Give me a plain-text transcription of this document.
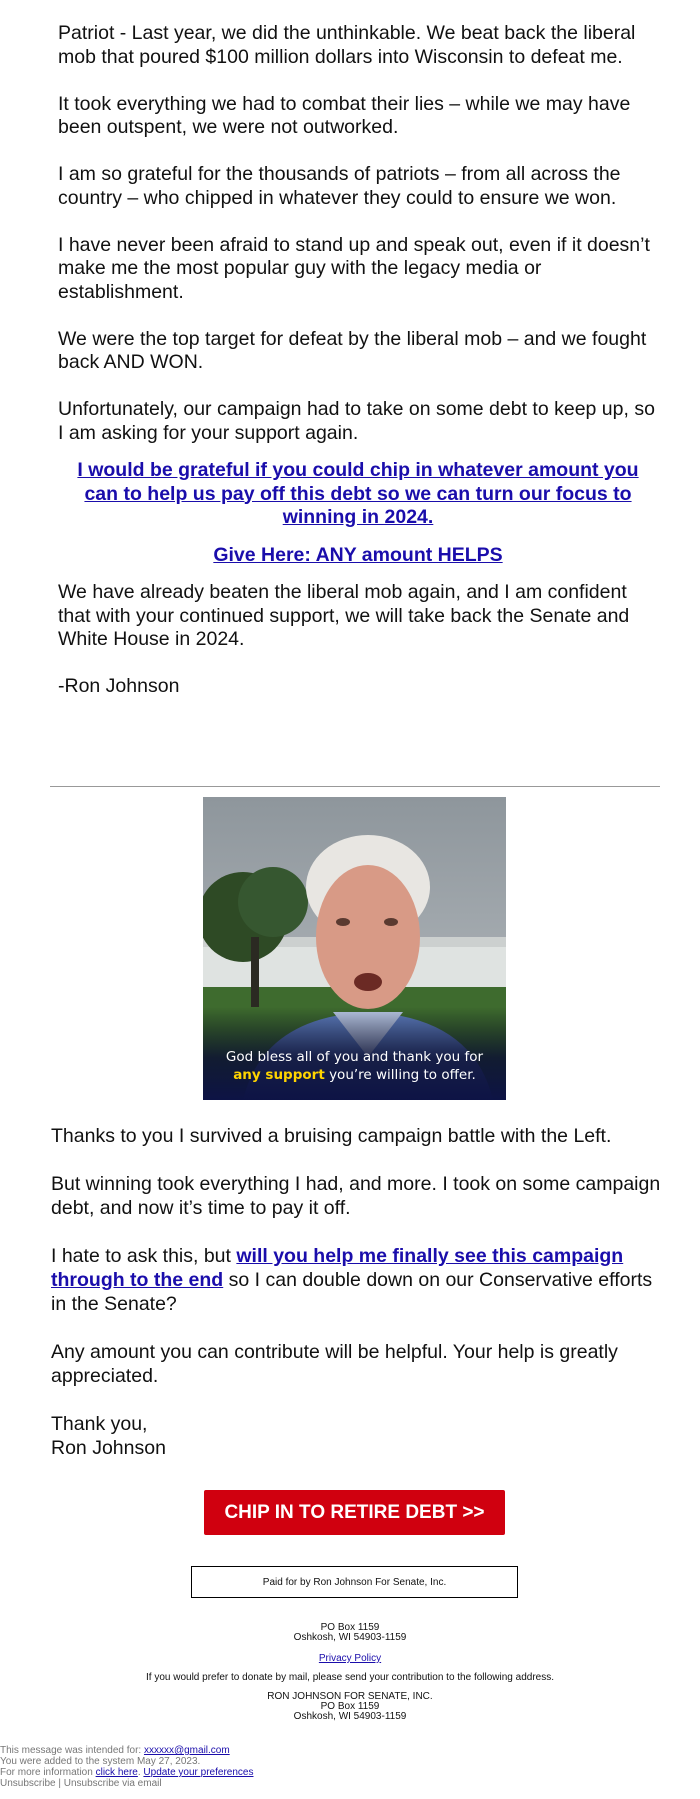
Patriot - Last year, we did the unthinkable. We beat back the liberal mob that poured $100 million dollars into Wisconsin to defeat me.

It took everything we had to combat their lies – while we may have been outspent, we were not outworked.

I am so grateful for the thousands of patriots – from all across the country – who chipped in whatever they could to ensure we won.

I have never been afraid to stand up and speak out, even if it doesn’t make me the most popular guy with the legacy media or establishment.

We were the top target for defeat by the liberal mob – and we fought back AND WON.

Unfortunately, our campaign had to take on some debt to keep up, so I am asking for your support again.

I would be grateful if you could chip in whatever amount you can to help us pay off this debt so we can turn our focus to winning in 2024.
Give Here: ANY amount HELPS

We have already beaten the liberal mob again, and I am confident that with your continued support, we will take back the Senate and White House in 2024.

-Ron Johnson

God bless all of you and thank you for
any support you’re willing to offer.

Thanks to you I survived a bruising campaign battle with the Left.

But winning took everything I had, and more. I took on some campaign debt, and now it’s time to pay it off.

I hate to ask this, but will you help me finally see this campaign through to the end so I can double down on our Conservative efforts in the Senate?

Any amount you can contribute will be helpful. Your help is greatly appreciated.

Thank you,
Ron Johnson

CHIP IN TO RETIRE DEBT >>
Paid for by Ron Johnson For Senate, Inc.
PO Box 1159
Oshkosh, WI 54903-1159
Privacy Policy
If you would prefer to donate by mail, please send your contribution to the following address.
RON JOHNSON FOR SENATE, INC.
PO Box 1159
Oshkosh, WI 54903-1159
This message was intended for: xxxxxx@gmail.com
You were added to the system May 27, 2023.
For more information click here. Update your preferences
Unsubscribe | Unsubscribe via email
